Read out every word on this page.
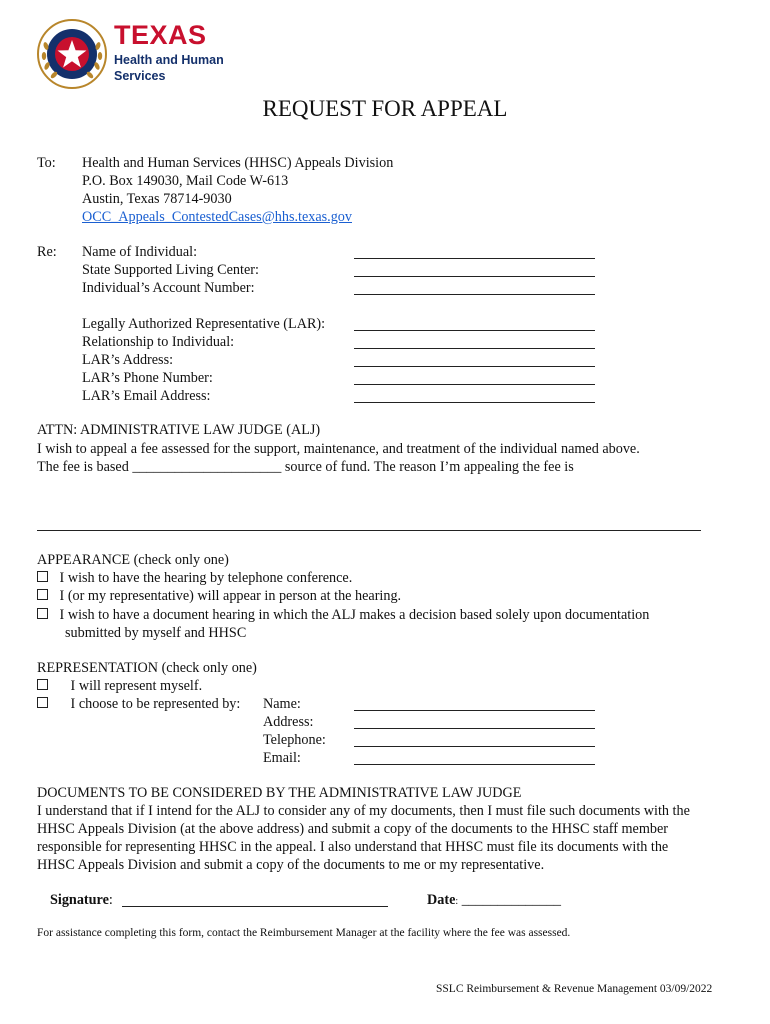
TEXAS
Health and Human
Services
REQUEST FOR APPEAL
To: Health and Human Services (HHSC) Appeals Division
P.O. Box 149030, Mail Code W-613
Austin, Texas 78714-9030
OCC_Appeals_ContestedCases@hhs.texas.gov
Re: Name of Individual:
State Supported Living Center:
Individual’s Account Number:
Legally Authorized Representative (LAR):
Relationship to Individual:
LAR’s Address:
LAR’s Phone Number:
LAR’s Email Address:
ATTN: ADMINISTRATIVE LAW JUDGE (ALJ)
I wish to appeal a fee assessed for the support, maintenance, and treatment of the individual named above.
The fee is based _____________________ source of fund. The reason I’m appealing the fee is
APPEARANCE (check only one)
I wish to have the hearing by telephone conference.
I (or my representative) will appear in person at the hearing.
I wish to have a document hearing in which the ALJ makes a decision based solely upon documentation
submitted by myself and HHSC
REPRESENTATION (check only one)
I will represent myself.
I choose to be represented by: Name:
Address:
Telephone:
Email:
DOCUMENTS TO BE CONSIDERED BY THE ADMINISTRATIVE LAW JUDGE
I understand that if I intend for the ALJ to consider any of my documents, then I must file such documents with the
HHSC Appeals Division (at the above address) and submit a copy of the documents to the HHSC staff member
responsible for representing HHSC in the appeal. I also understand that HHSC must file its documents with the
HHSC Appeals Division and submit a copy of the documents to me or my representative.
Signature:	Date: ______________
For assistance completing this form, contact the Reimbursement Manager at the facility where the fee was assessed.
SSLC Reimbursement & Revenue Management 03/09/2022
